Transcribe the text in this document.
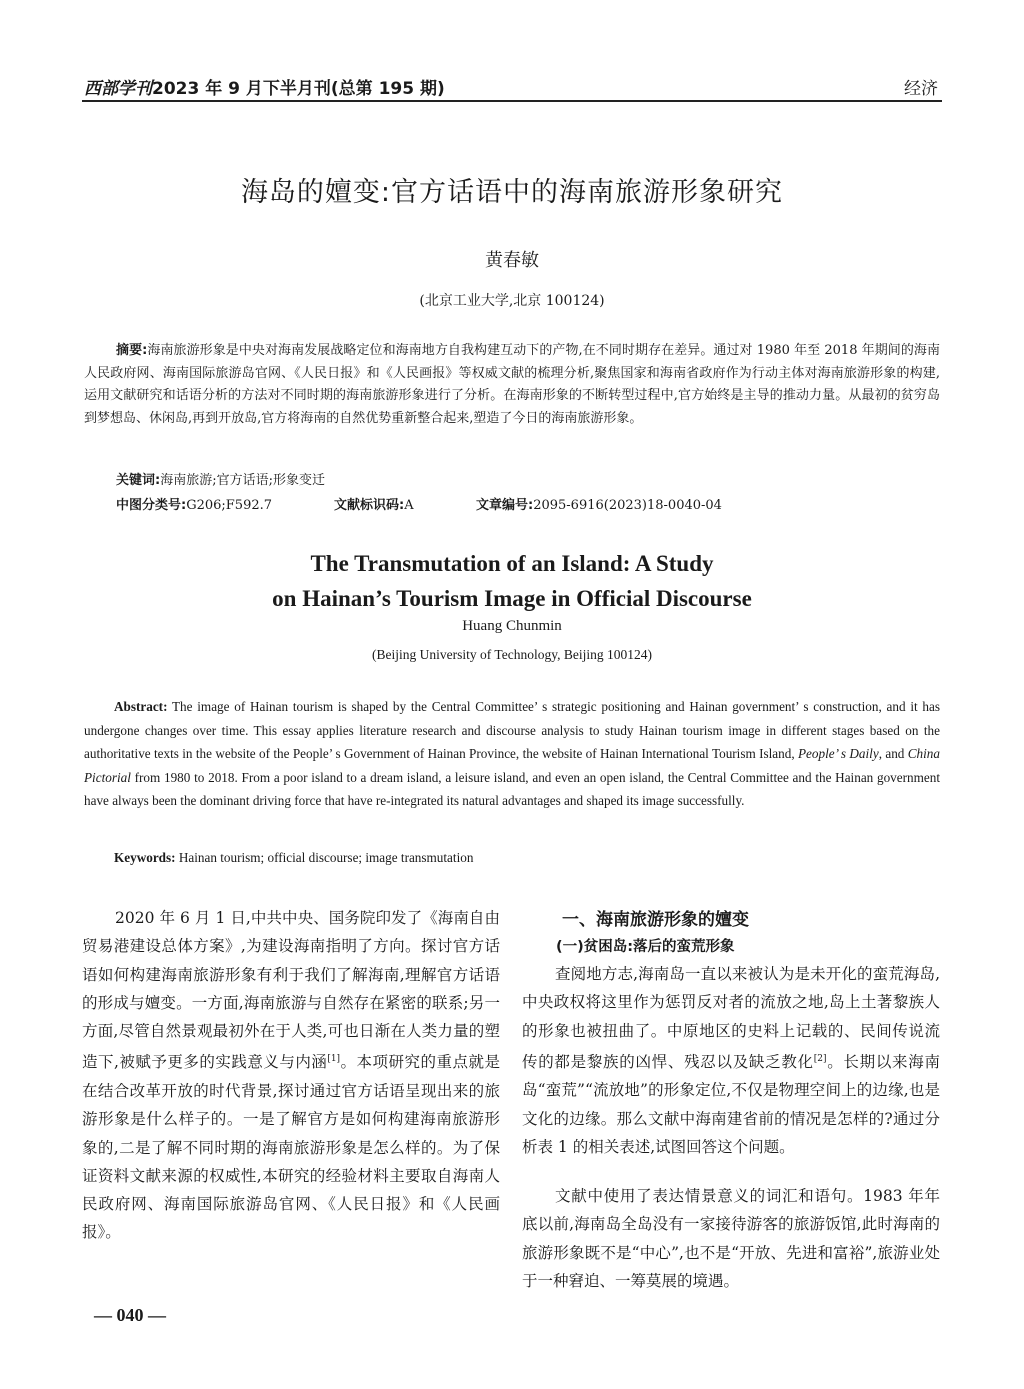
西部学刊2023 年 9 月下半月刊(总第 195 期)	经济
海岛的嬗变:官方话语中的海南旅游形象研究
黄春敏
(北京工业大学,北京 100124)
摘要:海南旅游形象是中央对海南发展战略定位和海南地方自我构建互动下的产物,在不同时期存在差异。通过对 1980 年至 2018 年期间的海南人民政府网、海南国际旅游岛官网、《人民日报》和《人民画报》等权威文献的梳理分析,聚焦国家和海南省政府作为行动主体对海南旅游形象的构建,运用文献研究和话语分析的方法对不同时期的海南旅游形象进行了分析。在海南形象的不断转型过程中,官方始终是主导的推动力量。从最初的贫穷岛到梦想岛、休闲岛,再到开放岛,官方将海南的自然优势重新整合起来,塑造了今日的海南旅游形象。
关键词:海南旅游;官方话语;形象变迁
中图分类号:G206;F592.7	文献标识码:A	文章编号:2095-6916(2023)18-0040-04
The Transmutation of an Island: A Study
on Hainan’s Tourism Image in Official Discourse
Huang Chunmin
(Beijing University of Technology, Beijing 100124)
Abstract: The image of Hainan tourism is shaped by the Central Committee’ s strategic positioning and Hainan government’ s construction, and it has undergone changes over time. This essay applies literature research and discourse analysis to study Hainan tourism image in different stages based on the authoritative texts in the website of the People’ s Government of Hainan Province, the website of Hainan International Tourism Island, People’ s Daily, and China Pictorial from 1980 to 2018. From a poor island to a dream island, a leisure island, and even an open island, the Central Committee and the Hainan government have always been the dominant driving force that have re-integrated its natural advantages and shaped its image successfully.
Keywords: Hainan tourism; official discourse; image transmutation
2020 年 6 月 1 日,中共中央、国务院印发了《海南自由贸易港建设总体方案》,为建设海南指明了方向。探讨官方话语如何构建海南旅游形象有利于我们了解海南,理解官方话语的形成与嬗变。一方面,海南旅游与自然存在紧密的联系;另一方面,尽管自然景观最初外在于人类,可也日渐在人类力量的塑造下,被赋予更多的实践意义与内涵[1]。本项研究的重点就是在结合改革开放的时代背景,探讨通过官方话语呈现出来的旅游形象是什么样子的。一是了解官方是如何构建海南旅游形象的,二是了解不同时期的海南旅游形象是怎么样的。为了保证资料文献来源的权威性,本研究的经验材料主要取自海南人民政府网、海南国际旅游岛官网、《人民日报》和《人民画报》。
一、海南旅游形象的嬗变
(一)贫困岛:落后的蛮荒形象
查阅地方志,海南岛一直以来被认为是未开化的蛮荒海岛,中央政权将这里作为惩罚反对者的流放之地,岛上土著黎族人的形象也被扭曲了。中原地区的史料上记载的、民间传说流传的都是黎族的凶悍、残忍以及缺乏教化[2]。长期以来海南岛“蛮荒”“流放地”的形象定位,不仅是物理空间上的边缘,也是文化的边缘。那么文献中海南建省前的情况是怎样的?通过分析表 1 的相关表述,试图回答这个问题。
文献中使用了表达情景意义的词汇和语句。1983 年年底以前,海南岛全岛没有一家接待游客的旅游饭馆,此时海南的旅游形象既不是“中心”,也不是“开放、先进和富裕”,旅游业处于一种窘迫、一筹莫展的境遇。
— 040 —
